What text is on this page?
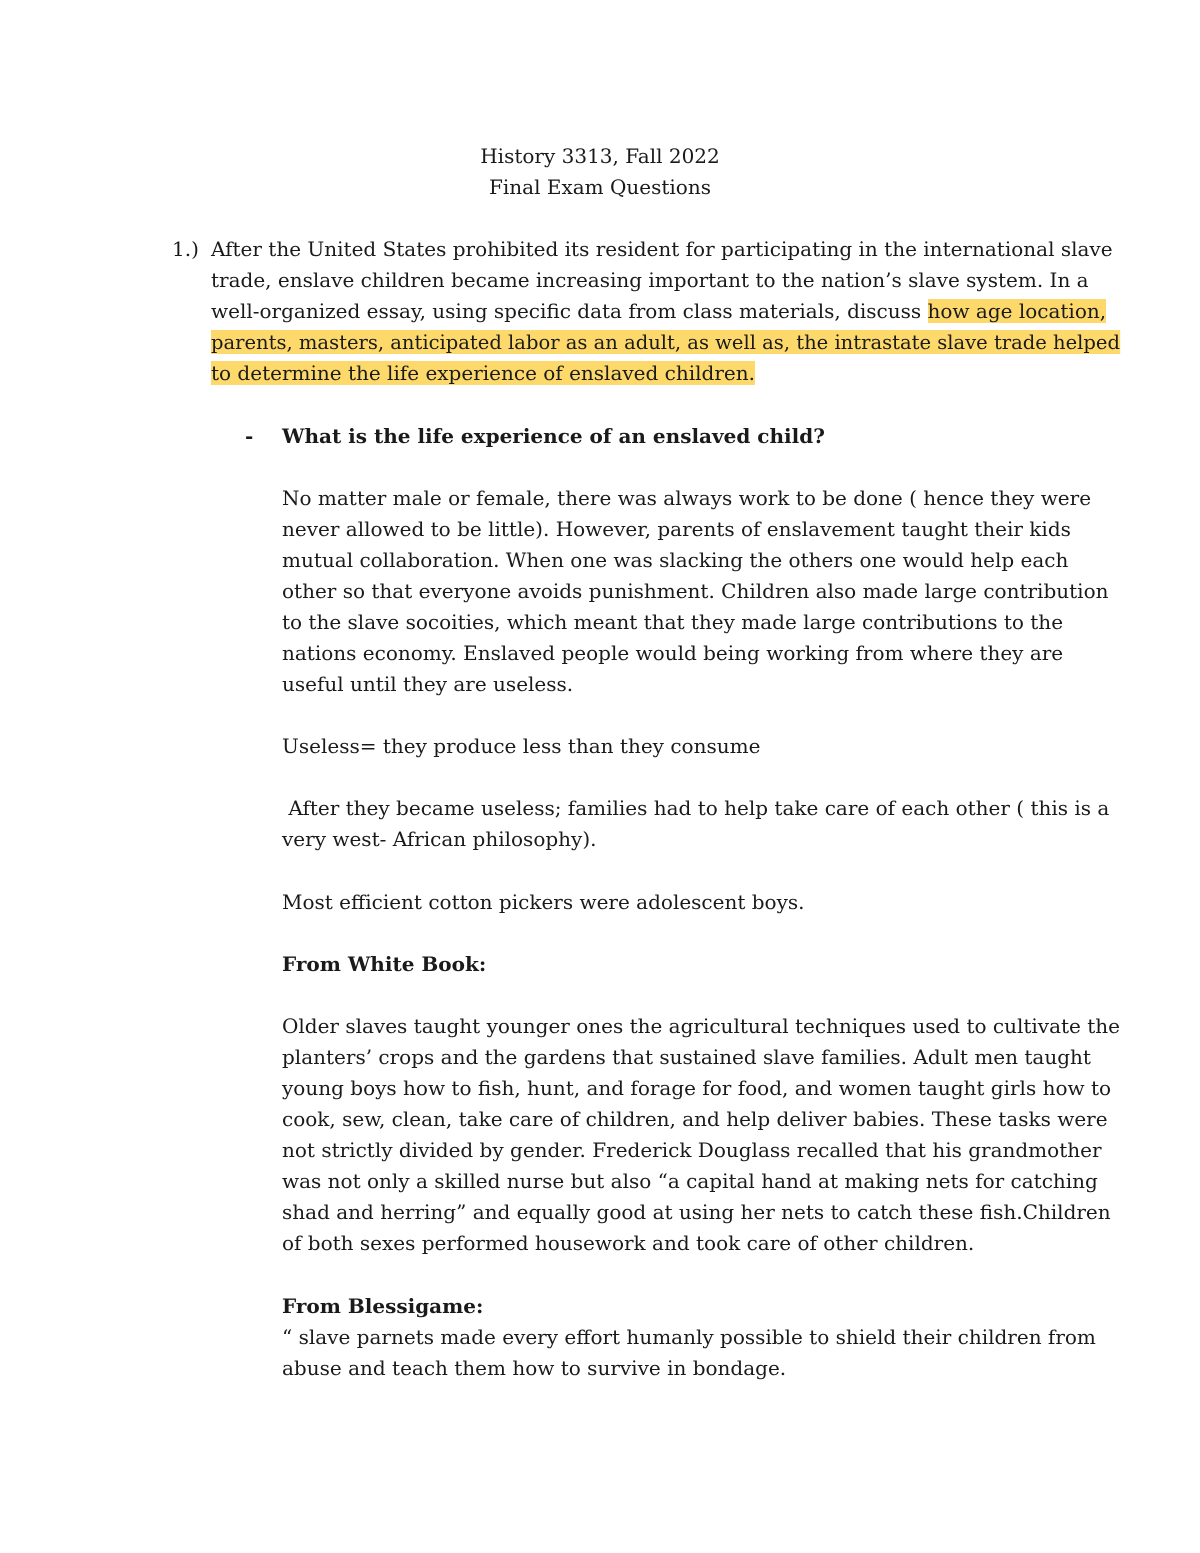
History 3313, Fall 2022
Final Exam Questions
1.) After the United States prohibited its resident for participating in the international slave
trade, enslave children became increasing important to the nation’s slave system. In a
well-organized essay, using specific data from class materials, discuss how age location,
parents, masters, anticipated labor as an adult, as well as, the intrastate slave trade helped
to determine the life experience of enslaved children.
- What is the life experience of an enslaved child?
No matter male or female, there was always work to be done ( hence they were
never allowed to be little). However, parents of enslavement taught their kids
mutual collaboration. When one was slacking the others one would help each
other so that everyone avoids punishment. Children also made large contribution
to the slave socoities, which meant that they made large contributions to the
nations economy. Enslaved people would being working from where they are
useful until they are useless.
Useless= they produce less than they consume
After they became useless; families had to help take care of each other ( this is a
very west- African philosophy).
Most efficient cotton pickers were adolescent boys.
From White Book:
Older slaves taught younger ones the agricultural techniques used to cultivate the
planters’ crops and the gardens that sustained slave families. Adult men taught
young boys how to fish, hunt, and forage for food, and women taught girls how to
cook, sew, clean, take care of children, and help deliver babies. These tasks were
not strictly divided by gender. Frederick Douglass recalled that his grandmother
was not only a skilled nurse but also “a capital hand at making nets for catching
shad and herring” and equally good at using her nets to catch these fish.Children
of both sexes performed housework and took care of other children.
From Blessigame:
“ slave parnets made every effort humanly possible to shield their children from
abuse and teach them how to survive in bondage.
